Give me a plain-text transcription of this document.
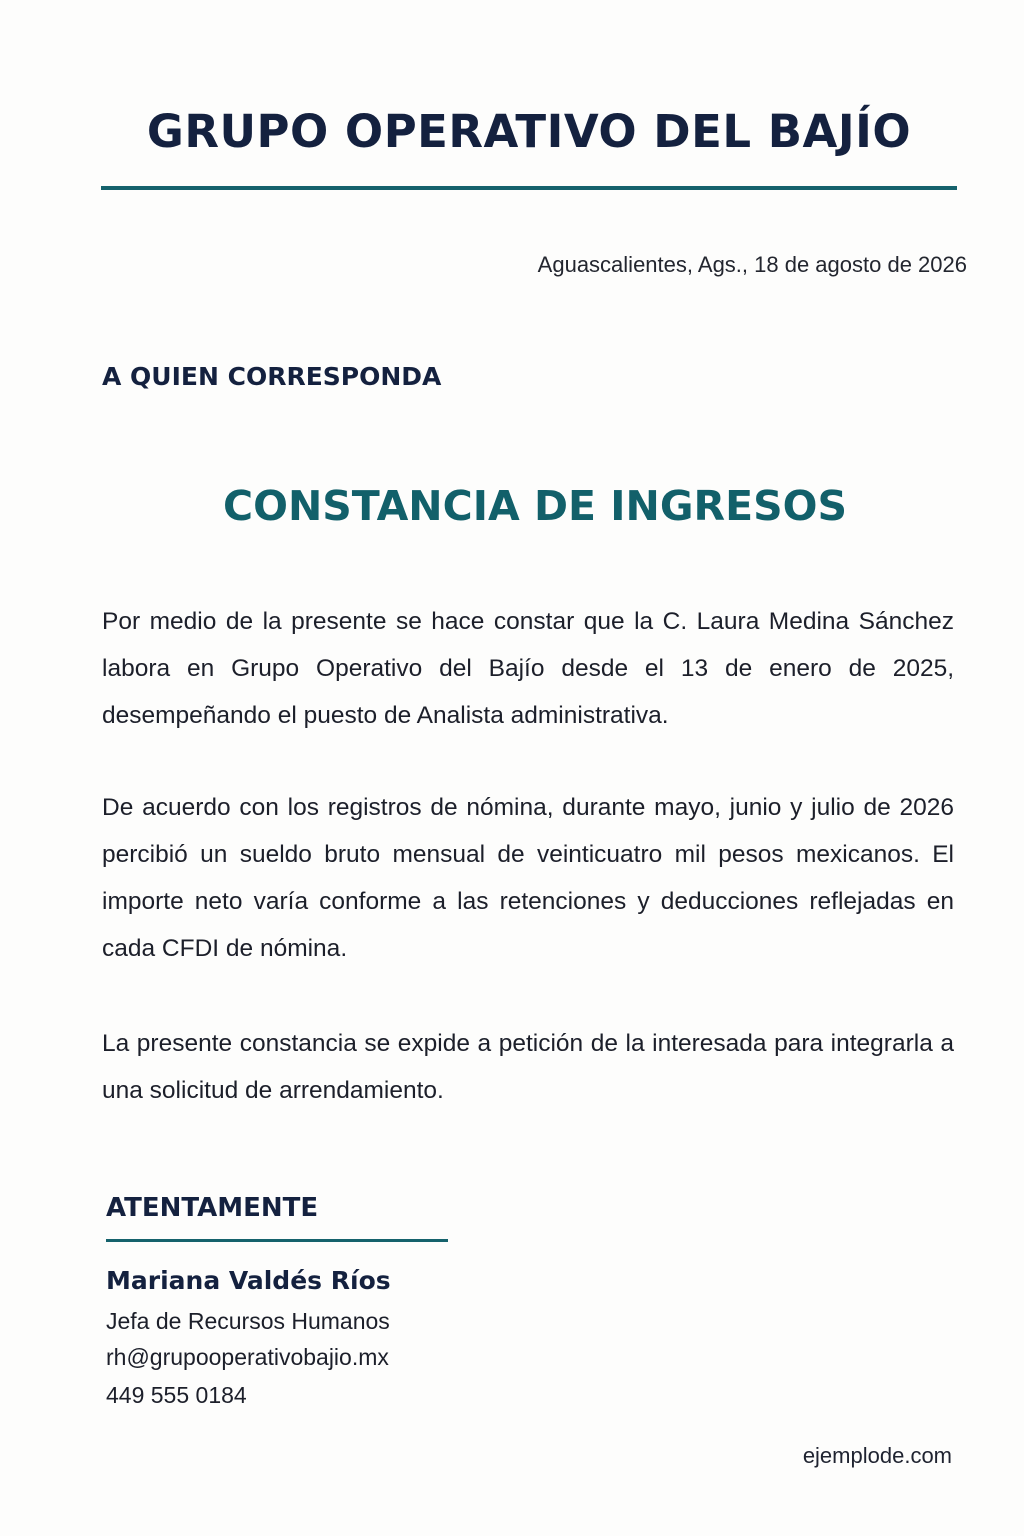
GRUPO OPERATIVO DEL BAJÍO

Aguascalientes, Ags., 18 de agosto de 2026

A QUIEN CORRESPONDA

CONSTANCIA DE INGRESOS

Por medio de la presente se hace constar que la C. Laura Medina Sánchez labora en Grupo Operativo del Bajío desde el 13 de enero de 2025, desempeñando el puesto de Analista administrativa.

De acuerdo con los registros de nómina, durante mayo, junio y julio de 2026 percibió un sueldo bruto mensual de veinticuatro mil pesos mexicanos. El importe neto varía conforme a las retenciones y deducciones reflejadas en cada CFDI de nómina.

La presente constancia se expide a petición de la interesada para integrarla a una solicitud de arrendamiento.

ATENTAMENTE

Mariana Valdés Ríos

Jefa de Recursos Humanos

rh@grupooperativobajio.mx

449 555 0184

ejemplode.com
